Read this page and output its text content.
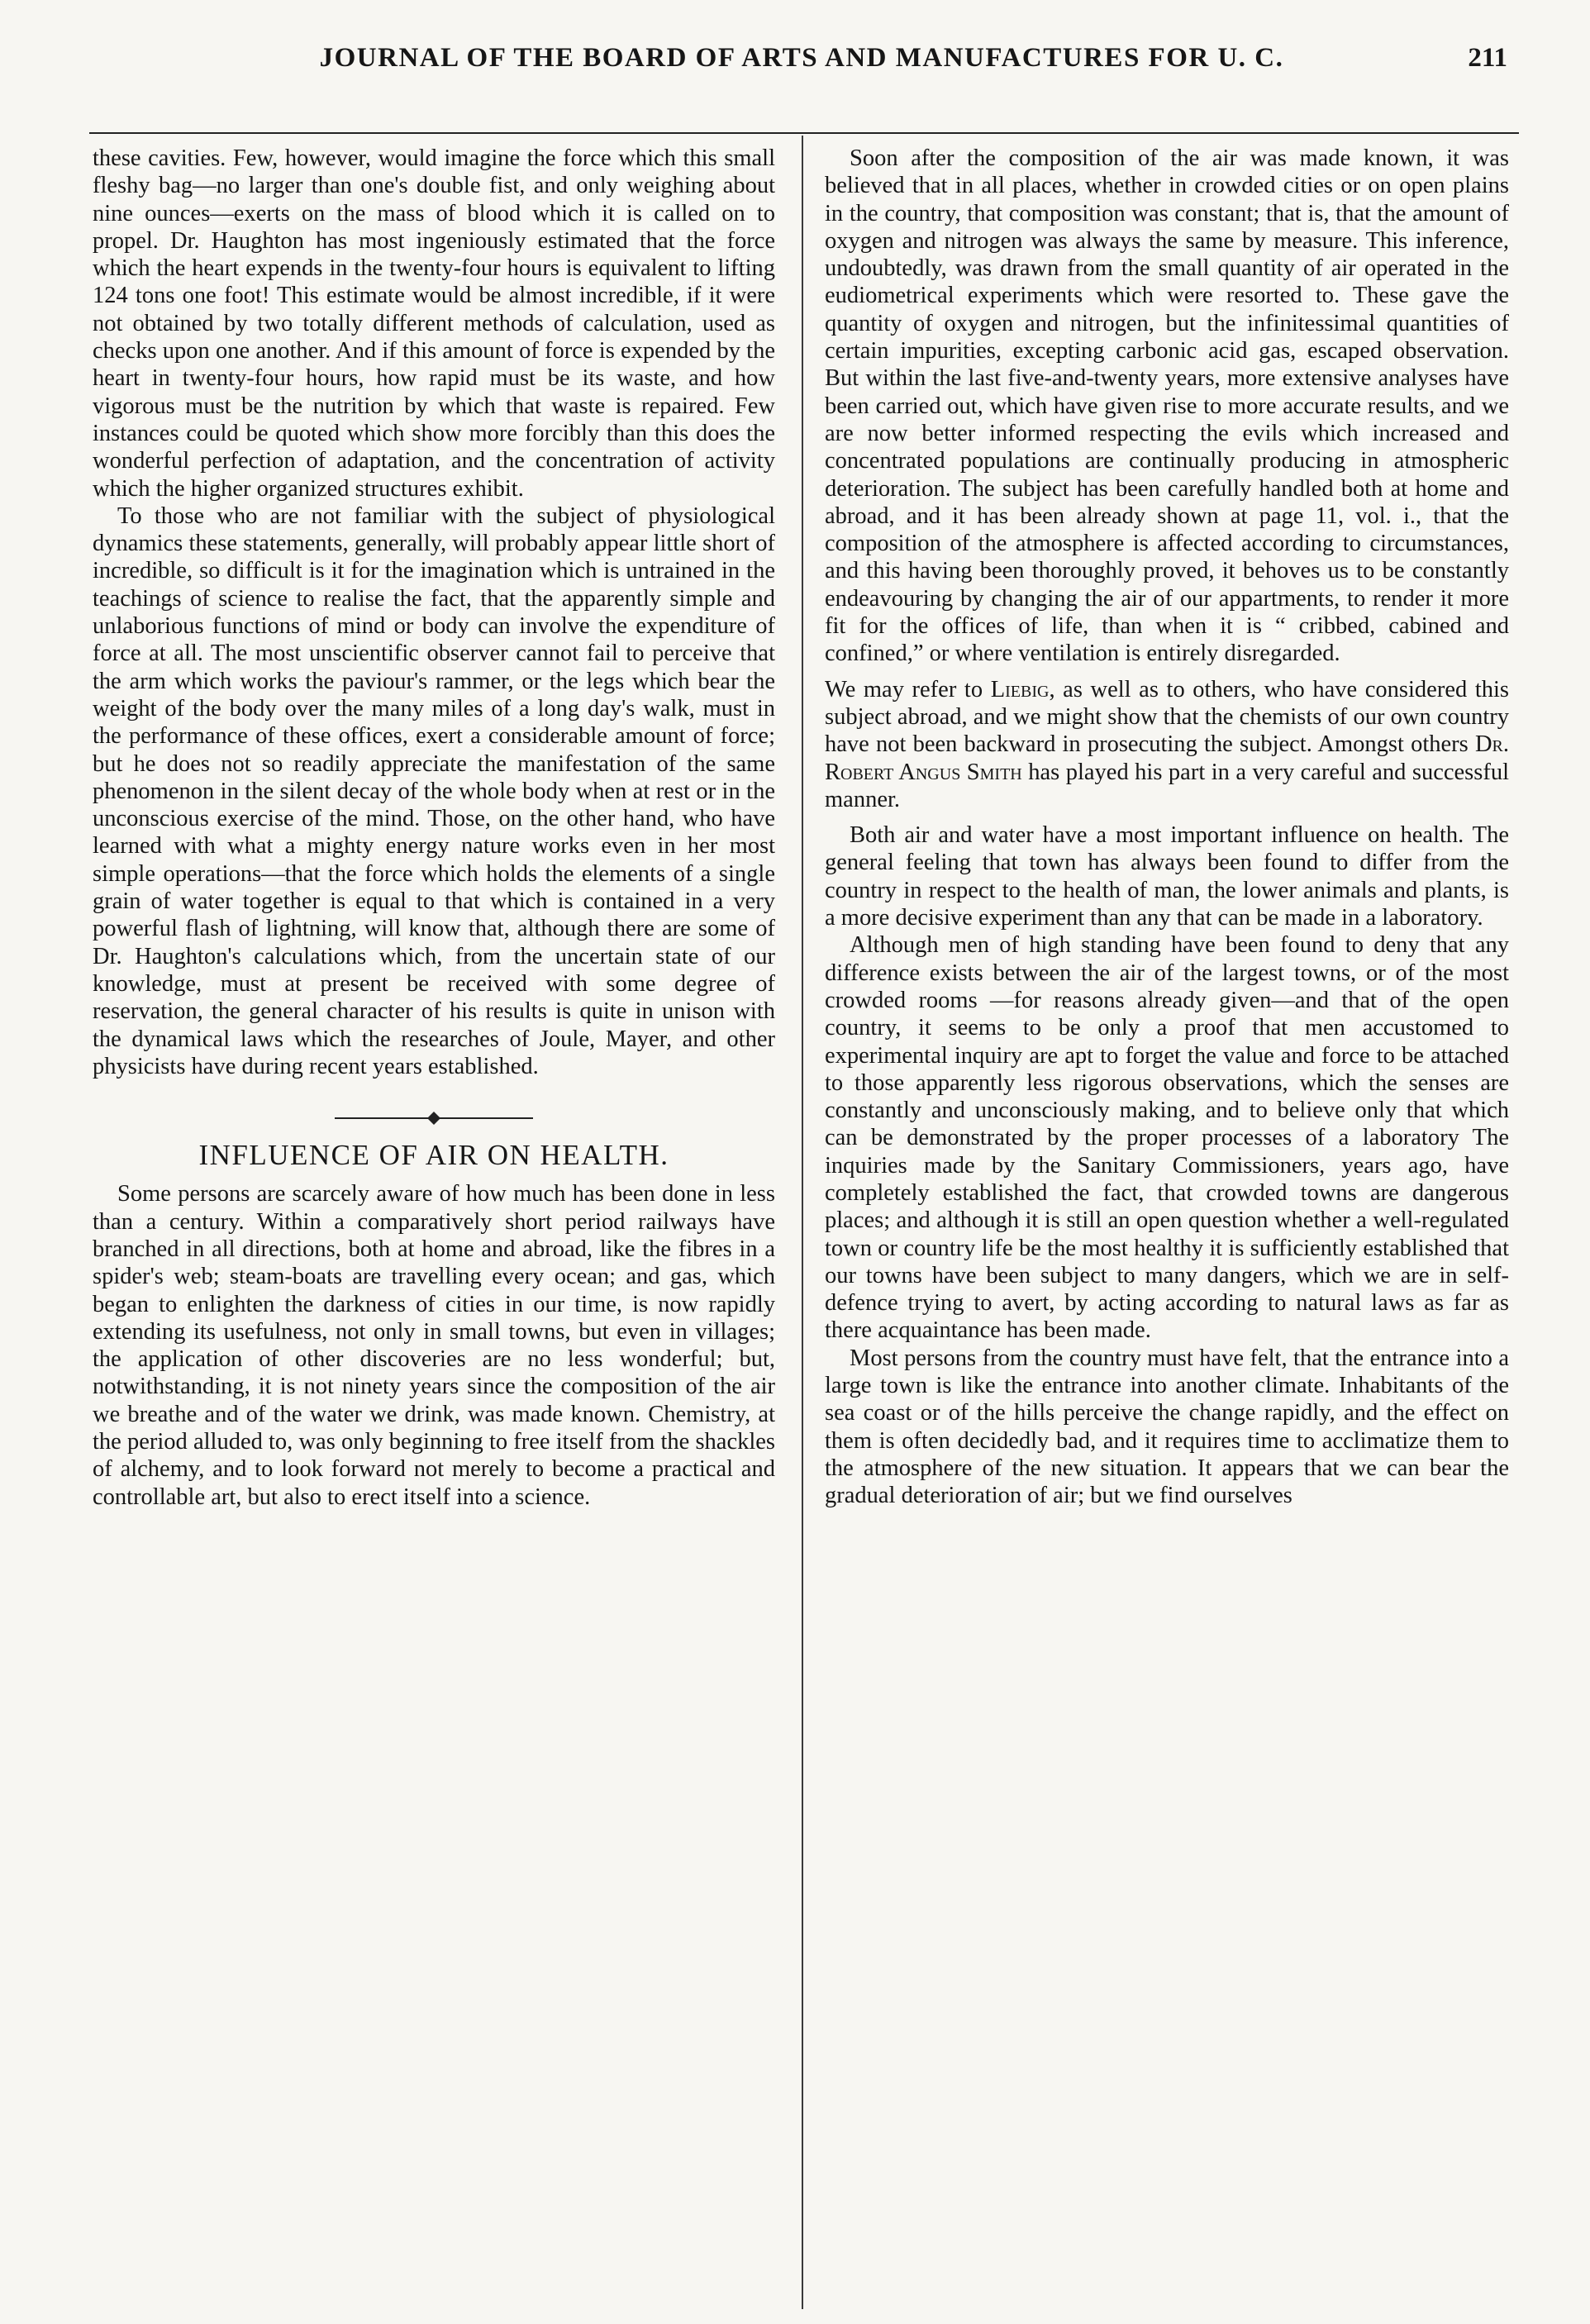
JOURNAL OF THE BOARD OF ARTS AND MANUFACTURES FOR U. C.	211

these cavities. Few, however, would imagine the force which this small fleshy bag—no larger than one's double fist, and only weighing about nine ounces—exerts on the mass of blood which it is called on to propel. Dr. Haughton has most ingeniously estimated that the force which the heart expends in the twenty-four hours is equivalent to lifting 124 tons one foot! This estimate would be almost incredible, if it were not obtained by two totally different methods of calculation, used as checks upon one another. And if this amount of force is expended by the heart in twenty-four hours, how rapid must be its waste, and how vigorous must be the nutrition by which that waste is repaired. Few instances could be quoted which show more forcibly than this does the wonderful perfection of adaptation, and the concentration of activity which the higher organized structures exhibit.

To those who are not familiar with the subject of physiological dynamics these statements, generally, will probably appear little short of incredible, so difficult is it for the imagination which is untrained in the teachings of science to realise the fact, that the apparently simple and unlaborious functions of mind or body can involve the expenditure of force at all. The most unscientific observer cannot fail to perceive that the arm which works the paviour's rammer, or the legs which bear the weight of the body over the many miles of a long day's walk, must in the performance of these offices, exert a considerable amount of force; but he does not so readily appreciate the manifestation of the same phenomenon in the silent decay of the whole body when at rest or in the unconscious exercise of the mind. Those, on the other hand, who have learned with what a mighty energy nature works even in her most simple operations—that the force which holds the elements of a single grain of water together is equal to that which is contained in a very powerful flash of lightning, will know that, although there are some of Dr. Haughton's calculations which, from the uncertain state of our knowledge, must at present be received with some degree of reservation, the general character of his results is quite in unison with the dynamical laws which the researches of Joule, Mayer, and other physicists have during recent years established.

INFLUENCE OF AIR ON HEALTH.

Some persons are scarcely aware of how much has been done in less than a century. Within a comparatively short period railways have branched in all directions, both at home and abroad, like the fibres in a spider's web; steam-boats are travelling every ocean; and gas, which began to enlighten the darkness of cities in our time, is now rapidly extending its usefulness, not only in small towns, but even in villages; the application of other discoveries are no less wonderful; but, notwithstanding, it is not ninety years since the composition of the air we breathe and of the water we drink, was made known. Chemistry, at the period alluded to, was only beginning to free itself from the shackles of alchemy, and to look forward not merely to become a practical and controllable art, but also to erect itself into a science.

Soon after the composition of the air was made known, it was believed that in all places, whether in crowded cities or on open plains in the country, that composition was constant; that is, that the amount of oxygen and nitrogen was always the same by measure. This inference, undoubtedly, was drawn from the small quantity of air operated in the eudiometrical experiments which were resorted to. These gave the quantity of oxygen and nitrogen, but the infinitessimal quantities of certain impurities, excepting carbonic acid gas, escaped observation. But within the last five-and-twenty years, more extensive analyses have been carried out, which have given rise to more accurate results, and we are now better informed respecting the evils which increased and concentrated populations are continually producing in atmospheric deterioration. The subject has been carefully handled both at home and abroad, and it has been already shown at page 11, vol. i., that the composition of the atmosphere is affected according to circumstances, and this having been thoroughly proved, it behoves us to be constantly endeavouring by changing the air of our appartments, to render it more fit for the offices of life, than when it is “ cribbed, cabined and confined,” or where ventilation is entirely disregarded.

We may refer to Liebig, as well as to others, who have considered this subject abroad, and we might show that the chemists of our own country have not been backward in prosecuting the subject. Amongst others Dr. Robert Angus Smith has played his part in a very careful and successful manner.

Both air and water have a most important influence on health. The general feeling that town has always been found to differ from the country in respect to the health of man, the lower animals and plants, is a more decisive experiment than any that can be made in a laboratory.

Although men of high standing have been found to deny that any difference exists between the air of the largest towns, or of the most crowded rooms —for reasons already given—and that of the open country, it seems to be only a proof that men accustomed to experimental inquiry are apt to forget the value and force to be attached to those apparently less rigorous observations, which the senses are constantly and unconsciously making, and to believe only that which can be demonstrated by the proper processes of a laboratory The inquiries made by the Sanitary Commissioners, years ago, have completely established the fact, that crowded towns are dangerous places; and although it is still an open question whether a well-regulated town or country life be the most healthy it is sufficiently established that our towns have been subject to many dangers, which we are in self-defence trying to avert, by acting according to natural laws as far as there acquaintance has been made.

Most persons from the country must have felt, that the entrance into a large town is like the entrance into another climate. Inhabitants of the sea coast or of the hills perceive the change rapidly, and the effect on them is often decidedly bad, and it requires time to acclimatize them to the atmosphere of the new situation. It appears that we can bear the gradual deterioration of air; but we find ourselves
